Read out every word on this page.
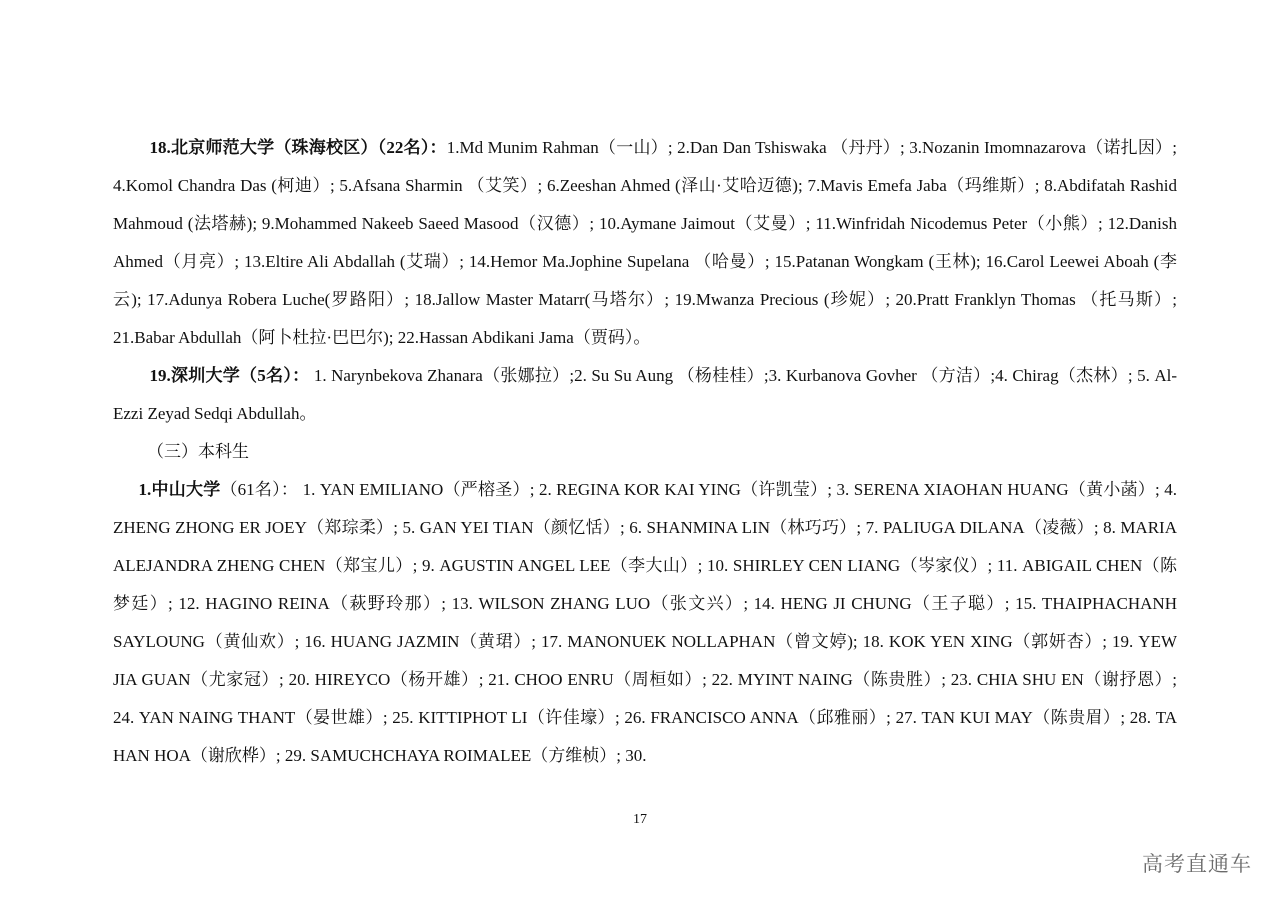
18.北京师范大学（珠海校区）（22名）：1.Md Munim Rahman（一山）; 2.Dan Dan Tshiswaka （丹丹）; 3.Nozanin Imomnazarova（诺扎因）; 4.Komol Chandra Das (柯迪）; 5.Afsana Sharmin （艾笑）; 6.Zeeshan Ahmed (泽山·艾哈迈德); 7.Mavis Emefa Jaba（玛维斯）; 8.Abdifatah Rashid Mahmoud (法塔赫); 9.Mohammed Nakeeb Saeed Masood（汉德）; 10.Aymane Jaimout（艾曼）; 11.Winfridah Nicodemus Peter（小熊）; 12.Danish Ahmed（月亮）; 13.Eltire Ali Abdallah (艾瑞）; 14.Hemor Ma.Jophine Supelana （哈曼）; 15.Patanan Wongkam (王林); 16.Carol Leewei Aboah (李云); 17.Adunya Robera Luche(罗路阳）; 18.Jallow Master Matarr(马塔尔）; 19.Mwanza Precious (珍妮）; 20.Pratt Franklyn Thomas （托马斯）; 21.Babar Abdullah（阿卜杜拉·巴巴尔); 22.Hassan Abdikani Jama（贾码）。

19.深圳大学（5名）： 1. Narynbekova Zhanara（张娜拉）;2. Su Su Aung （杨桂桂）;3. Kurbanova Govher （方洁）;4. Chirag（杰林）; 5. Al-Ezzi Zeyad Sedqi Abdullah。

（三）本科生

1.中山大学（61名）： 1. YAN EMILIANO（严榕圣）; 2. REGINA KOR KAI YING（许凯莹）; 3. SERENA XIAOHAN HUANG（黄小菡）; 4. ZHENG ZHONG ER JOEY（郑琮柔）; 5. GAN YEI TIAN（颜忆恬）; 6. SHANMINA LIN（林巧巧）; 7. PALIUGA DILANA（凌薇）; 8. MARIA ALEJANDRA ZHENG CHEN（郑宝儿）; 9. AGUSTIN ANGEL LEE（李大山）; 10. SHIRLEY CEN LIANG（岑家仪）; 11. ABIGAIL CHEN（陈梦廷）; 12. HAGINO REINA（萩野玲那）; 13. WILSON ZHANG LUO（张文兴）; 14. HENG JI CHUNG（王子聪）; 15. THAIPHACHANH SAYLOUNG（黄仙欢）; 16. HUANG JAZMIN（黄珺）; 17. MANONUEK NOLLAPHAN（曾文婷); 18. KOK YEN XING（郭妍杏）; 19. YEW JIA GUAN（尤家冠）; 20. HIREYCO（杨开雄）; 21. CHOO ENRU（周桓如）; 22. MYINT NAING（陈贵胜）; 23. CHIA SHU EN（谢抒恩）; 24. YAN NAING THANT（晏世雄）; 25. KITTIPHOT LI（许佳壕）; 26. FRANCISCO ANNA（邱雅丽）; 27. TAN KUI MAY（陈贵眉）; 28. TA HAN HOA（谢欣桦）; 29. SAMUCHCHAYA ROIMALEE（方维桢）; 30.

17
高考直通车
